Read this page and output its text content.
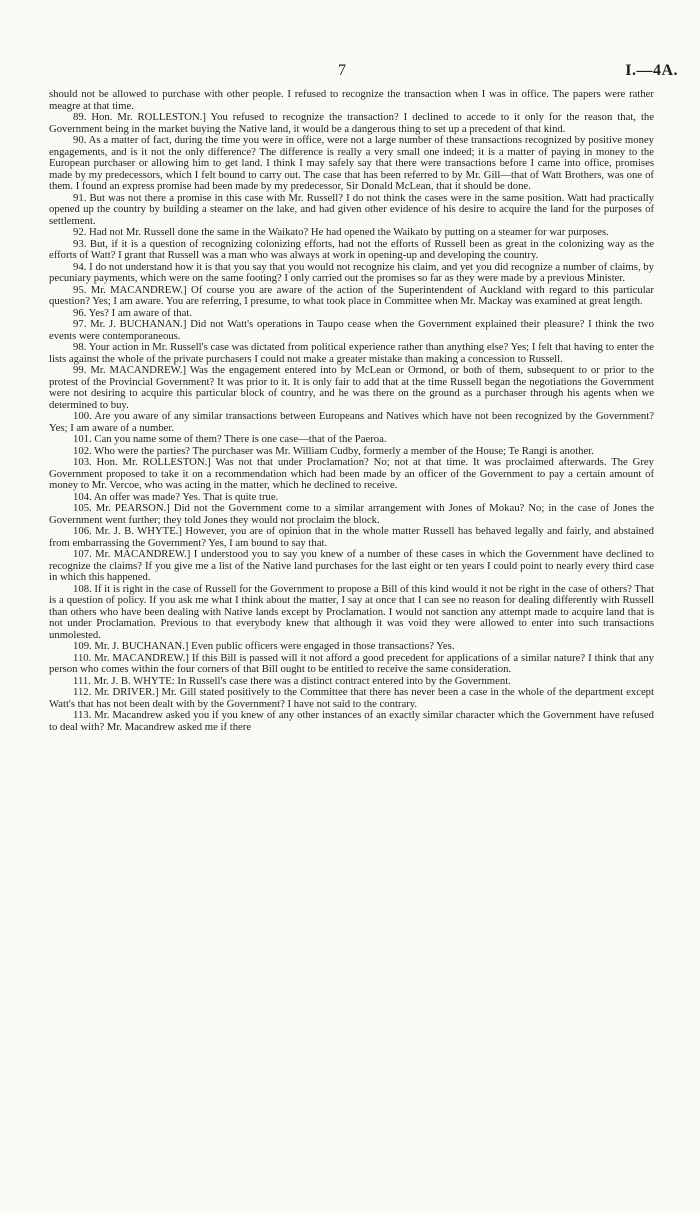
7	I.—4A.

should not be allowed to purchase with other people. I refused to recognize the transaction when I was in office. The papers were rather meagre at that time.

89. Hon. Mr. ROLLESTON.] You refused to recognize the transaction? I declined to accede to it only for the reason that, the Government being in the market buying the Native land, it would be a dangerous thing to set up a precedent of that kind.

90. As a matter of fact, during the time you were in office, were not a large number of these transactions recognized by positive money engagements, and is it not the only difference? The difference is really a very small one indeed; it is a matter of paying in money to the European purchaser or allowing him to get land. I think I may safely say that there were transactions before I came into office, promises made by my predecessors, which I felt bound to carry out. The case that has been referred to by Mr. Gill—that of Watt Brothers, was one of them. I found an express promise had been made by my predecessor, Sir Donald McLean, that it should be done.

91. But was not there a promise in this case with Mr. Russell? I do not think the cases were in the same position. Watt had practically opened up the country by building a steamer on the lake, and had given other evidence of his desire to acquire the land for the purposes of settlement.

92. Had not Mr. Russell done the same in the Waikato? He had opened the Waikato by putting on a steamer for war purposes.

93. But, if it is a question of recognizing colonizing efforts, had not the efforts of Russell been as great in the colonizing way as the efforts of Watt? I grant that Russell was a man who was always at work in opening-up and developing the country.

94. I do not understand how it is that you say that you would not recognize his claim, and yet you did recognize a number of claims, by pecuniary payments, which were on the same footing? I only carried out the promises so far as they were made by a previous Minister.

95. Mr. MACANDREW.] Of course you are aware of the action of the Superintendent of Auckland with regard to this particular question? Yes; I am aware. You are referring, I presume, to what took place in Committee when Mr. Mackay was examined at great length.

96. Yes? I am aware of that.

97. Mr. J. BUCHANAN.] Did not Watt's operations in Taupo cease when the Government explained their pleasure? I think the two events were contemporaneous.

98. Your action in Mr. Russell's case was dictated from political experience rather than anything else? Yes; I felt that having to enter the lists against the whole of the private purchasers I could not make a greater mistake than making a concession to Russell.

99. Mr. MACANDREW.] Was the engagement entered into by McLean or Ormond, or both of them, subsequent to or prior to the protest of the Provincial Government? It was prior to it. It is only fair to add that at the time Russell began the negotiations the Government were not desiring to acquire this particular block of country, and he was there on the ground as a purchaser through his agents when we determined to buy.

100. Are you aware of any similar transactions between Europeans and Natives which have not been recognized by the Government? Yes; I am aware of a number.

101. Can you name some of them? There is one case—that of the Paeroa.

102. Who were the parties? The purchaser was Mr. William Cudby, formerly a member of the House; Te Rangi is another.

103. Hon. Mr. ROLLESTON.] Was not that under Proclamation? No; not at that time. It was proclaimed afterwards. The Grey Government proposed to take it on a recommendation which had been made by an officer of the Government to pay a certain amount of money to Mr. Vercoe, who was acting in the matter, which he declined to receive.

104. An offer was made? Yes. That is quite true.

105. Mr. PEARSON.] Did not the Government come to a similar arrangement with Jones of Mokau? No; in the case of Jones the Government went further; they told Jones they would not proclaim the block.

106. Mr. J. B. WHYTE.] However, you are of opinion that in the whole matter Russell has behaved legally and fairly, and abstained from embarrassing the Government? Yes, I am bound to say that.

107. Mr. MACANDREW.] I understood you to say you knew of a number of these cases in which the Government have declined to recognize the claims? If you give me a list of the Native land purchases for the last eight or ten years I could point to nearly every third case in which this happened.

108. If it is right in the case of Russell for the Government to propose a Bill of this kind would it not be right in the case of others? That is a question of policy. If you ask me what I think about the matter, I say at once that I can see no reason for dealing differently with Russell than others who have been dealing with Native lands except by Proclamation. I would not sanction any attempt made to acquire land that is not under Proclamation. Previous to that everybody knew that although it was void they were allowed to enter into such transactions unmolested.

109. Mr. J. BUCHANAN.] Even public officers were engaged in those transactions? Yes.

110. Mr. MACANDREW.] If this Bill is passed will it not afford a good precedent for applications of a similar nature? I think that any person who comes within the four corners of that Bill ought to be entitled to receive the same consideration.

111. Mr. J. B. WHYTE: In Russell's case there was a distinct contract entered into by the Government.

112. Mr. DRIVER.] Mr. Gill stated positively to the Committee that there has never been a case in the whole of the department except Watt's that has not been dealt with by the Government? I have not said to the contrary.

113. Mr. Macandrew asked you if you knew of any other instances of an exactly similar character which the Government have refused to deal with? Mr. Macandrew asked me if there
